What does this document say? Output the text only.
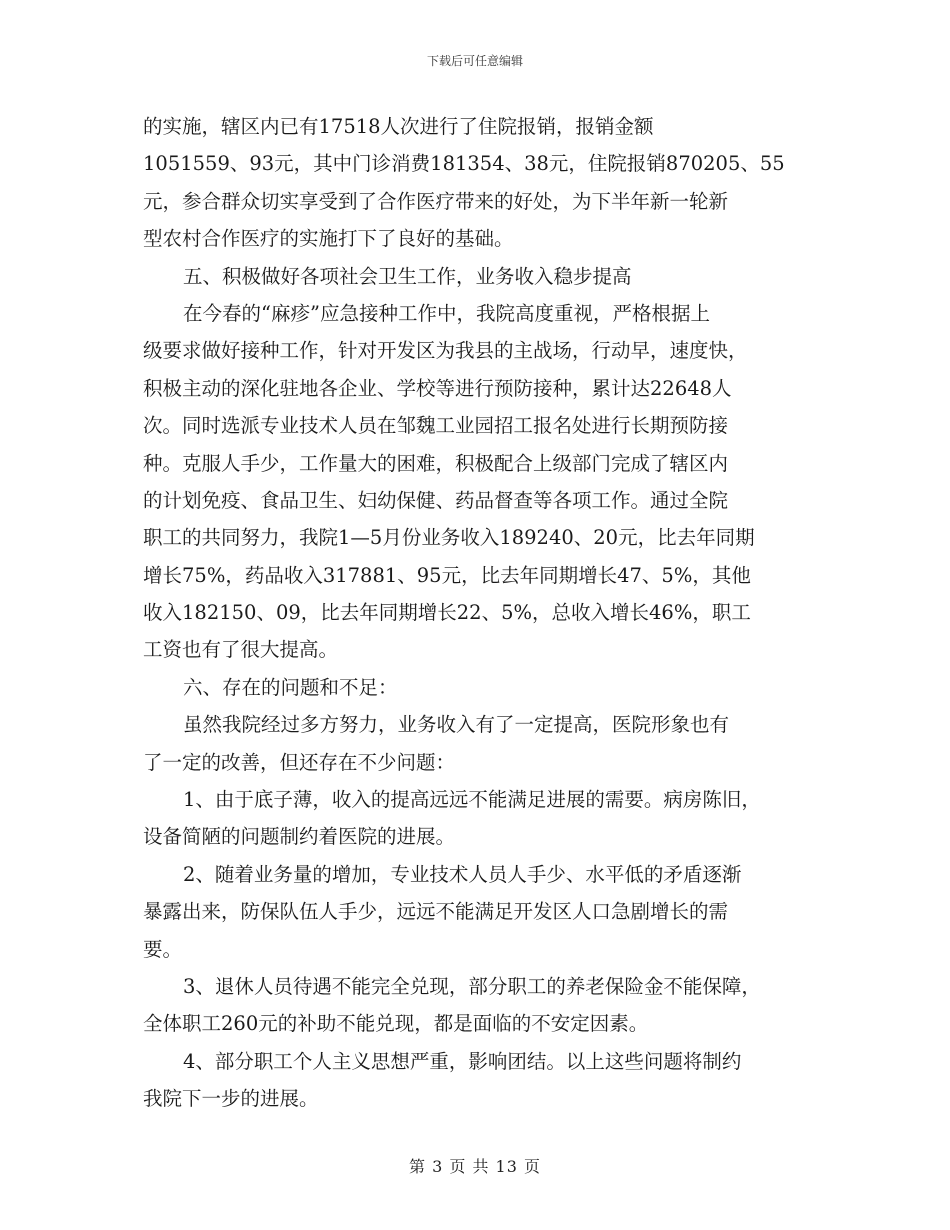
下载后可任意编辑
的实施，辖区内已有17518人次进行了住院报销，报销金额
1051559、93元，其中门诊消费181354、38元，住院报销870205、55
元，参合群众切实享受到了合作医疗带来的好处，为下半年新一轮新
型农村合作医疗的实施打下了良好的基础。
五、积极做好各项社会卫生工作，业务收入稳步提高
在今春的“麻疹”应急接种工作中，我院高度重视，严格根据上
级要求做好接种工作，针对开发区为我县的主战场，行动早，速度快，
积极主动的深化驻地各企业、学校等进行预防接种，累计达22648人
次。同时选派专业技术人员在邹魏工业园招工报名处进行长期预防接
种。克服人手少，工作量大的困难，积极配合上级部门完成了辖区内
的计划免疫、食品卫生、妇幼保健、药品督查等各项工作。通过全院
职工的共同努力，我院1—5月份业务收入189240、20元，比去年同期
增长75%，药品收入317881、95元，比去年同期增长47、5%，其他
收入182150、09，比去年同期增长22、5%，总收入增长46%，职工
工资也有了很大提高。
六、存在的问题和不足：
虽然我院经过多方努力，业务收入有了一定提高，医院形象也有
了一定的改善，但还存在不少问题：
1、由于底子薄，收入的提高远远不能满足进展的需要。病房陈旧，
设备简陋的问题制约着医院的进展。
2、随着业务量的增加，专业技术人员人手少、水平低的矛盾逐渐
暴露出来，防保队伍人手少，远远不能满足开发区人口急剧增长的需
要。
3、退休人员待遇不能完全兑现，部分职工的养老保险金不能保障，
全体职工260元的补助不能兑现，都是面临的不安定因素。
4、部分职工个人主义思想严重，影响团结。以上这些问题将制约
我院下一步的进展。
第 3 页 共 13 页
